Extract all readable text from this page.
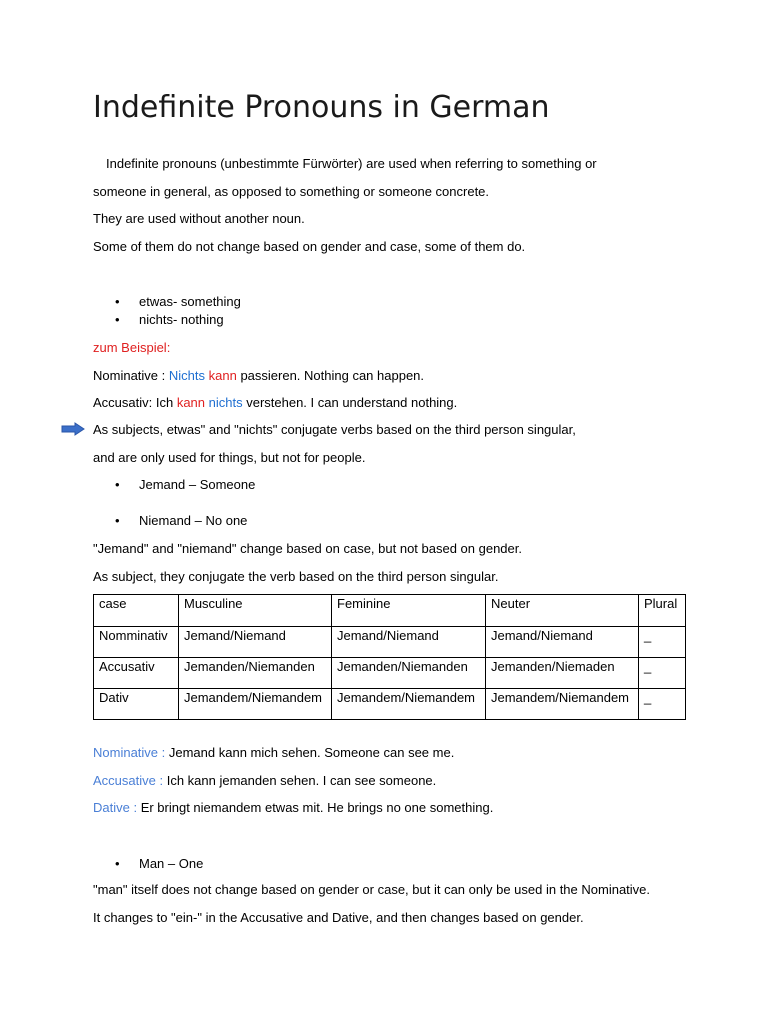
Indefinite Pronouns in German

Indefinite pronouns (unbestimmte Fürwörter) are used when referring to something or

someone in general, as opposed to something or someone concrete.

They are used without another noun.

Some of them do not change based on gender and case, some of them do.

• etwas- something
• nichts- nothing

zum Beispiel:

Nominative : Nichts kann passieren. Nothing can happen.

Accusativ: Ich kann nichts verstehen. I can understand nothing.

As subjects, etwas" and "nichts" conjugate verbs based on the third person singular,

and are only used for things, but not for people.

• Jemand – Someone
• Niemand – No one

"Jemand" and "niemand" change based on case, but not based on gender.

As subject, they conjugate the verb based on the third person singular.

case	Musculine	Feminine	Neuter	Plural
Nomminativ	Jemand/Niemand	Jemand/Niemand	Jemand/Niemand	_
Accusativ	Jemanden/Niemanden	Jemanden/Niemanden	Jemanden/Niemaden	_
Dativ	Jemandem/Niemandem	Jemandem/Niemandem	Jemandem/Niemandem	_

Nominative : Jemand kann mich sehen. Someone can see me.

Accusative : Ich kann jemanden sehen. I can see someone.

Dative : Er bringt niemandem etwas mit. He brings no one something.

• Man – One

"man" itself does not change based on gender or case, but it can only be used in the Nominative.

It changes to "ein-" in the Accusative and Dative, and then changes based on gender.
